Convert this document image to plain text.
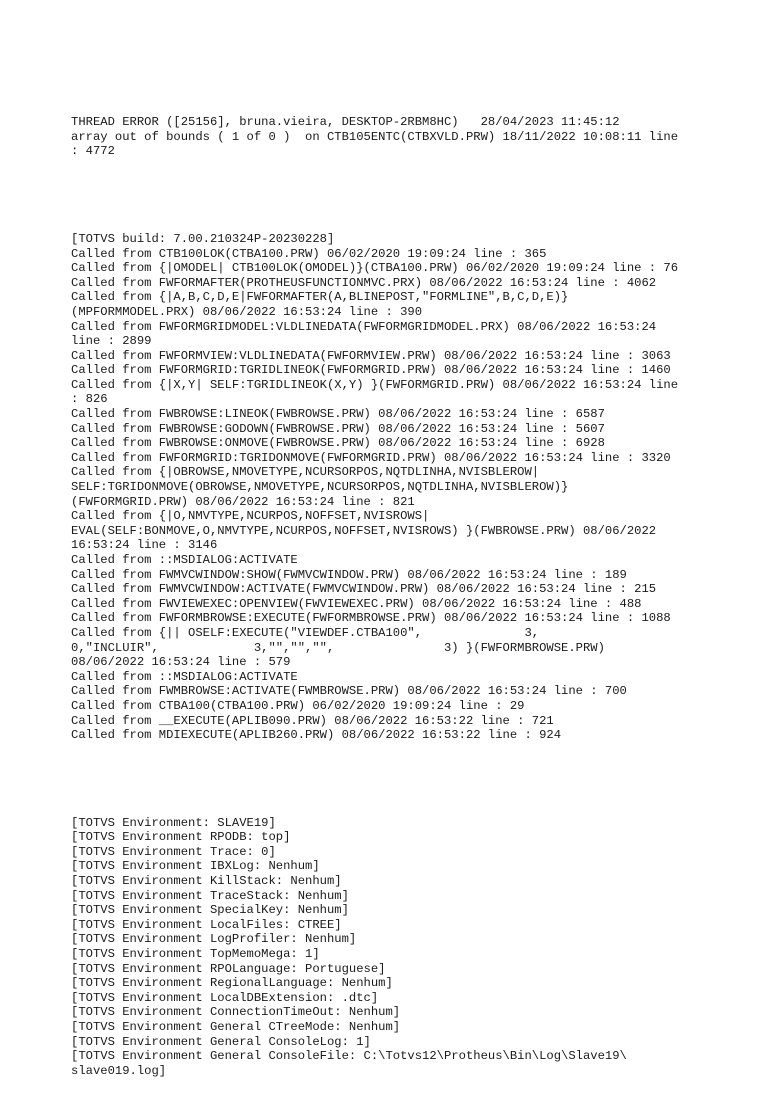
THREAD ERROR ([25156], bruna.vieira, DESKTOP-2RBM8HC)   28/04/2023 11:45:12
array out of bounds ( 1 of 0 )  on CTB105ENTC(CTBXVLD.PRW) 18/11/2022 10:08:11 line
: 4772

[TOTVS build: 7.00.210324P-20230228]
Called from CTB100LOK(CTBA100.PRW) 06/02/2020 19:09:24 line : 365
Called from {|OMODEL| CTB100LOK(OMODEL)}(CTBA100.PRW) 06/02/2020 19:09:24 line : 76
Called from FWFORMAFTER(PROTHEUSFUNCTIONMVC.PRX) 08/06/2022 16:53:24 line : 4062
Called from {|A,B,C,D,E|FWFORMAFTER(A,BLINEPOST,"FORMLINE",B,C,D,E)}
(MPFORMMODEL.PRX) 08/06/2022 16:53:24 line : 390
Called from FWFORMGRIDMODEL:VLDLINEDATA(FWFORMGRIDMODEL.PRX) 08/06/2022 16:53:24
line : 2899
Called from FWFORMVIEW:VLDLINEDATA(FWFORMVIEW.PRW) 08/06/2022 16:53:24 line : 3063
Called from FWFORMGRID:TGRIDLINEOK(FWFORMGRID.PRW) 08/06/2022 16:53:24 line : 1460
Called from {|X,Y| SELF:TGRIDLINEOK(X,Y) }(FWFORMGRID.PRW) 08/06/2022 16:53:24 line
: 826
Called from FWBROWSE:LINEOK(FWBROWSE.PRW) 08/06/2022 16:53:24 line : 6587
Called from FWBROWSE:GODOWN(FWBROWSE.PRW) 08/06/2022 16:53:24 line : 5607
Called from FWBROWSE:ONMOVE(FWBROWSE.PRW) 08/06/2022 16:53:24 line : 6928
Called from FWFORMGRID:TGRIDONMOVE(FWFORMGRID.PRW) 08/06/2022 16:53:24 line : 3320
Called from {|OBROWSE,NMOVETYPE,NCURSORPOS,NQTDLINHA,NVISBLEROW|
SELF:TGRIDONMOVE(OBROWSE,NMOVETYPE,NCURSORPOS,NQTDLINHA,NVISBLEROW)}
(FWFORMGRID.PRW) 08/06/2022 16:53:24 line : 821
Called from {|O,NMVTYPE,NCURPOS,NOFFSET,NVISROWS|
EVAL(SELF:BONMOVE,O,NMVTYPE,NCURPOS,NOFFSET,NVISROWS) }(FWBROWSE.PRW) 08/06/2022
16:53:24 line : 3146
Called from ::MSDIALOG:ACTIVATE
Called from FWMVCWINDOW:SHOW(FWMVCWINDOW.PRW) 08/06/2022 16:53:24 line : 189
Called from FWMVCWINDOW:ACTIVATE(FWMVCWINDOW.PRW) 08/06/2022 16:53:24 line : 215
Called from FWVIEWEXEC:OPENVIEW(FWVIEWEXEC.PRW) 08/06/2022 16:53:24 line : 488
Called from FWFORMBROWSE:EXECUTE(FWFORMBROWSE.PRW) 08/06/2022 16:53:24 line : 1088
Called from {|| OSELF:EXECUTE("VIEWDEF.CTBA100",              3,
0,"INCLUIR",             3,"","","",               3) }(FWFORMBROWSE.PRW)
08/06/2022 16:53:24 line : 579
Called from ::MSDIALOG:ACTIVATE
Called from FWMBROWSE:ACTIVATE(FWMBROWSE.PRW) 08/06/2022 16:53:24 line : 700
Called from CTBA100(CTBA100.PRW) 06/02/2020 19:09:24 line : 29
Called from __EXECUTE(APLIB090.PRW) 08/06/2022 16:53:22 line : 721
Called from MDIEXECUTE(APLIB260.PRW) 08/06/2022 16:53:22 line : 924

[TOTVS Environment: SLAVE19]
[TOTVS Environment RPODB: top]
[TOTVS Environment Trace: 0]
[TOTVS Environment IBXLog: Nenhum]
[TOTVS Environment KillStack: Nenhum]
[TOTVS Environment TraceStack: Nenhum]
[TOTVS Environment SpecialKey: Nenhum]
[TOTVS Environment LocalFiles: CTREE]
[TOTVS Environment LogProfiler: Nenhum]
[TOTVS Environment TopMemoMega: 1]
[TOTVS Environment RPOLanguage: Portuguese]
[TOTVS Environment RegionalLanguage: Nenhum]
[TOTVS Environment LocalDBExtension: .dtc]
[TOTVS Environment ConnectionTimeOut: Nenhum]
[TOTVS Environment General CTreeMode: Nenhum]
[TOTVS Environment General ConsoleLog: 1]
[TOTVS Environment General ConsoleFile: C:\Totvs12\Protheus\Bin\Log\Slave19\
slave019.log]
